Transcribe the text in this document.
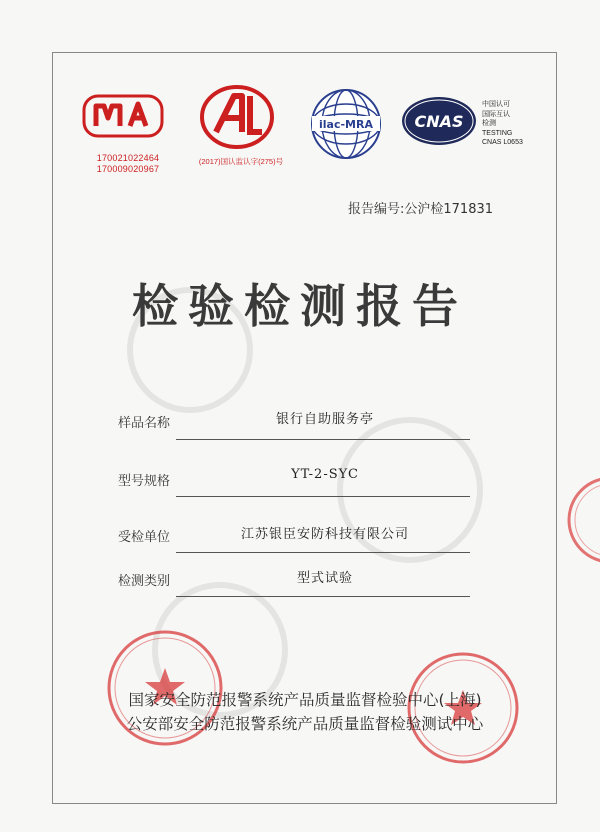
170021022464
170009020967
(2017)国认监认字(275)号
ilac-MRA	CNAS
中国认可
国际互认
检测
TESTING
CNAS L0653
报告编号:公沪检171831
检验检测报告
样品名称	银行自助服务亭
型号规格	YT-2-SYC
受检单位	江苏银臣安防科技有限公司
检测类别	型式试验
国家安全防范报警系统产品质量监督检验中心(上海)
公安部安全防范报警系统产品质量监督检验测试中心
